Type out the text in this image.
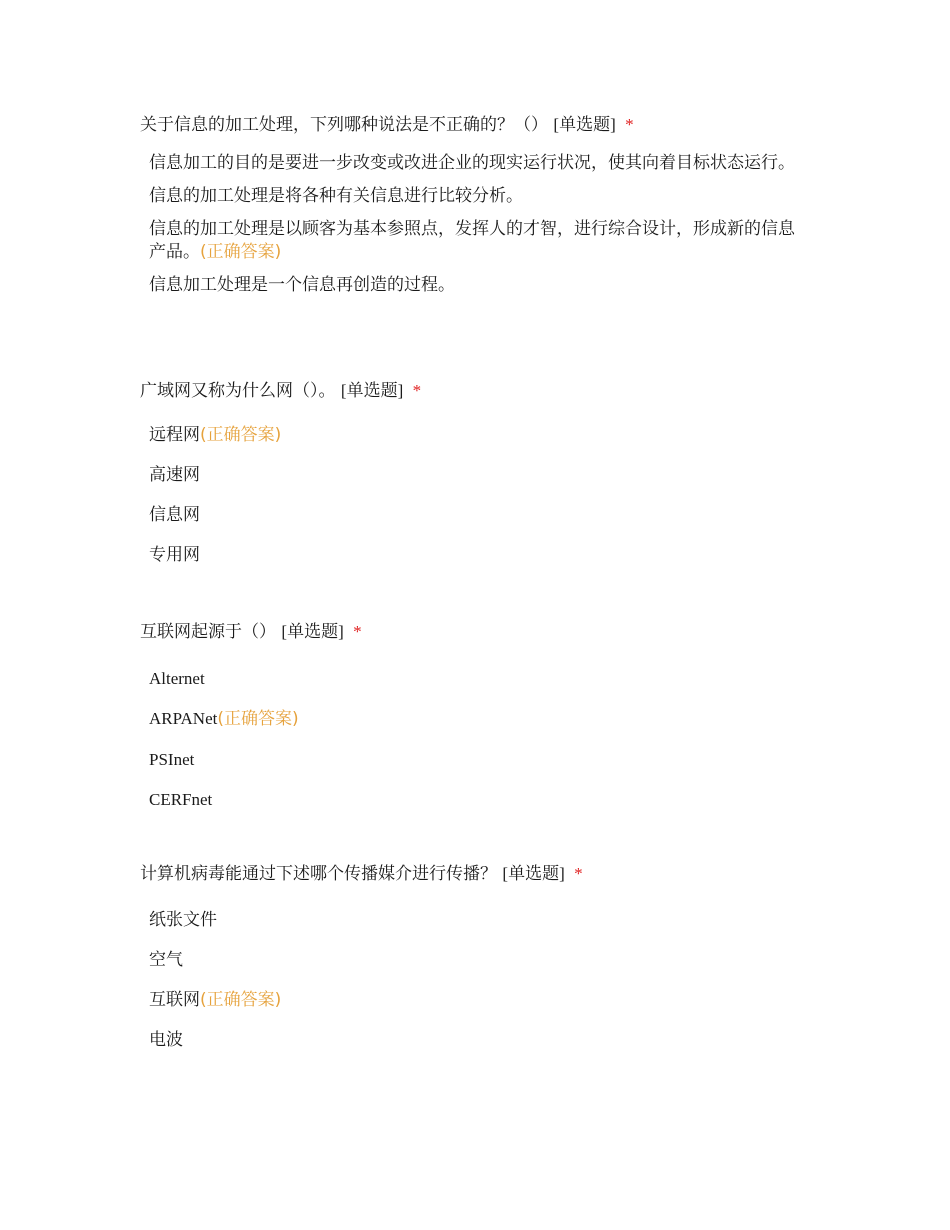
关于信息的加工处理，下列哪种说法是不正确的？（） [单选题] *
信息加工的目的是要进一步改变或改进企业的现实运行状况，使其向着目标状态运行。
信息的加工处理是将各种有关信息进行比较分析。
信息的加工处理是以顾客为基本参照点，发挥人的才智，进行综合设计，形成新的信息产品。(正确答案)
信息加工处理是一个信息再创造的过程。
广域网又称为什么网（）。 [单选题] *
远程网(正确答案)
高速网
信息网
专用网
互联网起源于（） [单选题] *
Alternet
ARPANet(正确答案)
PSInet
CERFnet
计算机病毒能通过下述哪个传播媒介进行传播？ [单选题] *
纸张文件
空气
互联网(正确答案)
电波
